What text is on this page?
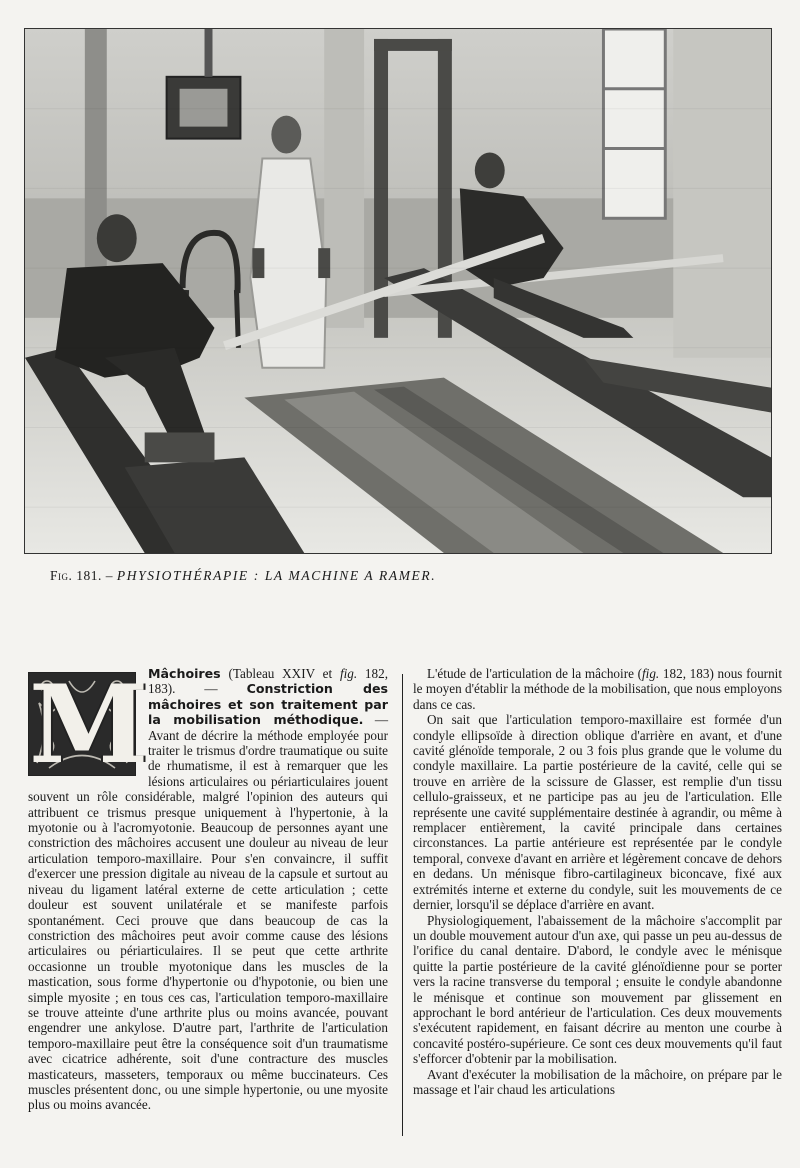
Fig. 181. – PHYSIOTHÉRAPIE : LA MACHINE A RAMER.
M Mâchoires (Tableau XXIV et fig. 182, 183). — Constriction des mâchoires et son traitement par la mobilisation méthodique. — Avant de décrire la méthode employée pour traiter le trismus d'ordre traumatique ou suite de rhumatisme, il est à remarquer que les lésions articulaires ou périarticulaires jouent souvent un rôle considérable, malgré l'opinion des auteurs qui attribuent ce trismus presque uniquement à l'hypertonie, à la myotonie ou à l'acromyotonie. Beaucoup de personnes ayant une constriction des mâchoires accusent une douleur au niveau de leur articulation temporo-maxillaire. Pour s'en convaincre, il suffit d'exercer une pression digitale au niveau de la capsule et surtout au niveau du ligament latéral externe de cette articulation ; cette douleur est souvent unilatérale et se manifeste parfois spontanément. Ceci prouve que dans beaucoup de cas la constriction des mâchoires peut avoir comme cause des lésions articulaires ou périarticulaires. Il se peut que cette arthrite occasionne un trouble myotonique dans les muscles de la mastication, sous forme d'hypertonie ou d'hypotonie, ou bien une simple myosite ; en tous ces cas, l'articulation temporo-maxillaire se trouve atteinte d'une arthrite plus ou moins avancée, pouvant engendrer une ankylose. D'autre part, l'arthrite de l'articulation temporo-maxillaire peut être la conséquence soit d'un traumatisme avec cicatrice adhérente, soit d'une contracture des muscles masticateurs, masseters, temporaux ou même buccinateurs. Ces muscles présentent donc, ou une simple hypertonie, ou une myosite plus ou moins avancée.

L'étude de l'articulation de la mâchoire (fig. 182, 183) nous fournit le moyen d'établir la méthode de la mobilisation, que nous employons dans ce cas.

On sait que l'articulation temporo-maxillaire est formée d'un condyle ellipsoïde à direction oblique d'arrière en avant, et d'une cavité glénoïde temporale, 2 ou 3 fois plus grande que le volume du condyle maxillaire. La partie postérieure de la cavité, celle qui se trouve en arrière de la scissure de Glasser, est remplie d'un tissu cellulo-graisseux, et ne participe pas au jeu de l'articulation. Elle représente une cavité supplémentaire destinée à agrandir, ou même à remplacer entièrement, la cavité principale dans certaines circonstances. La partie antérieure est représentée par le condyle temporal, convexe d'avant en arrière et légèrement concave de dehors en dedans. Un ménisque fibro-cartilagineux biconcave, fixé aux extrémités interne et externe du condyle, suit les mouvements de ce dernier, lorsqu'il se déplace d'arrière en avant.

Physiologiquement, l'abaissement de la mâchoire s'accomplit par un double mouvement autour d'un axe, qui passe un peu au-dessus de l'orifice du canal dentaire. D'abord, le condyle avec le ménisque quitte la partie postérieure de la cavité glénoïdienne pour se porter vers la racine transverse du temporal ; ensuite le condyle abandonne le ménisque et continue son mouvement par glissement en approchant le bord antérieur de l'articulation. Ces deux mouvements s'exécutent rapidement, en faisant décrire au menton une courbe à concavité postéro-supérieure. Ce sont ces deux mouvements qu'il faut s'efforcer d'obtenir par la mobilisation.

Avant d'exécuter la mobilisation de la mâchoire, on prépare par le massage et l'air chaud les articulations
